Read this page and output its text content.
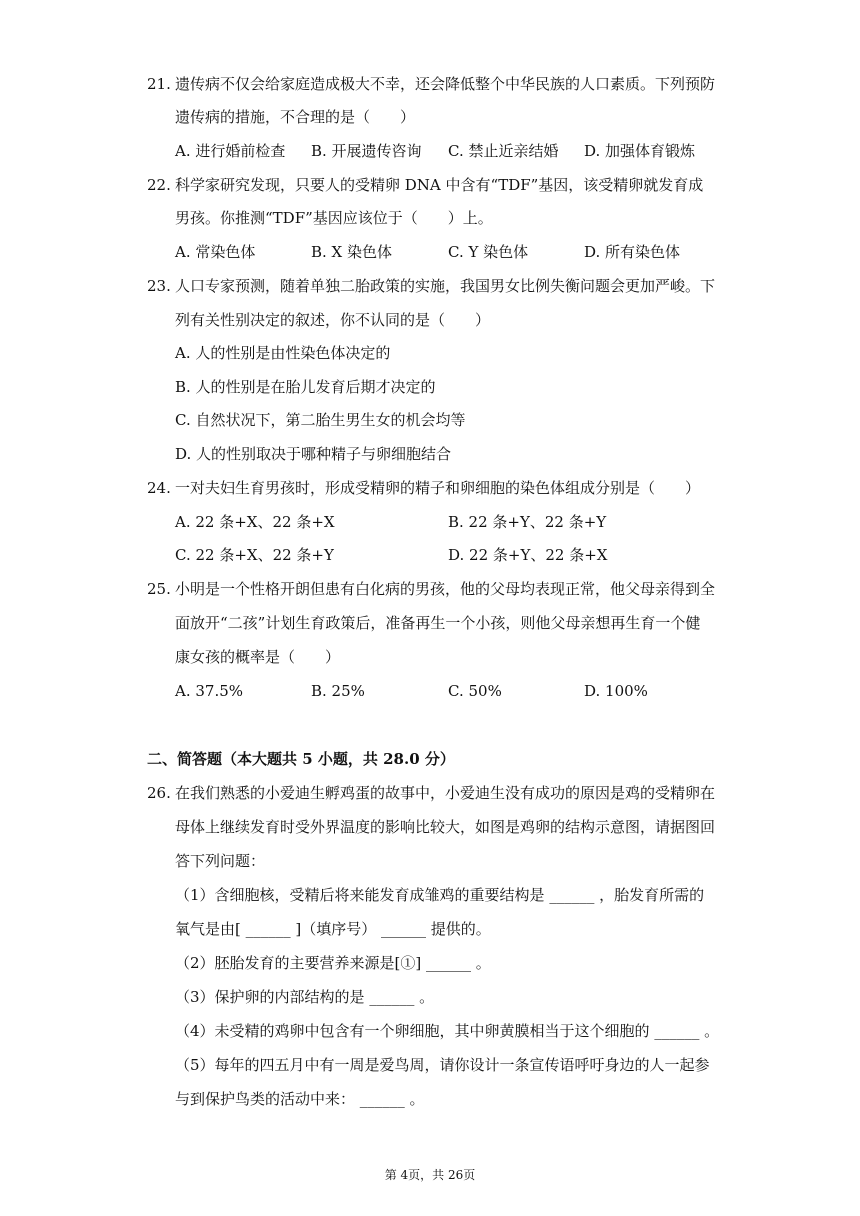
21. 遗传病不仅会给家庭造成极大不幸，还会降低整个中华民族的人口素质。下列预防
遗传病的措施，不合理的是（　　）
A. 进行婚前检查 B. 开展遗传咨询 C. 禁止近亲结婚 D. 加强体育锻炼
22. 科学家研究发现，只要人的受精卵 DNA 中含有“TDF”基因，该受精卵就发育成
男孩。你推测“TDF”基因应该位于（　　）上。
A. 常染色体	B. X 染色体	C. Y 染色体	D. 所有染色体
23. 人口专家预测，随着单独二胎政策的实施，我国男女比例失衡问题会更加严峻。下
列有关性别决定的叙述，你不认同的是（　　）
A. 人的性别是由性染色体决定的
B. 人的性别是在胎儿发育后期才决定的
C. 自然状况下，第二胎生男生女的机会均等
D. 人的性别取决于哪种精子与卵细胞结合
24. 一对夫妇生育男孩时，形成受精卵的精子和卵细胞的染色体组成分别是（　　）
A. 22 条+X、22 条+X	B. 22 条+Y、22 条+Y
C. 22 条+X、22 条+Y	D. 22 条+Y、22 条+X
25. 小明是一个性格开朗但患有白化病的男孩，他的父母均表现正常，他父母亲得到全
面放开“二孩”计划生育政策后，准备再生一个小孩，则他父母亲想再生育一个健
康女孩的概率是（　　）
A. 37.5%	B. 25%	C. 50%	D. 100%
二、简答题（本大题共 5 小题，共 28.0 分）
26. 在我们熟悉的小爱迪生孵鸡蛋的故事中，小爱迪生没有成功的原因是鸡的受精卵在
母体上继续发育时受外界温度的影响比较大，如图是鸡卵的结构示意图，请据图回
答下列问题：
（1）含细胞核，受精后将来能发育成雏鸡的重要结构是 ______ ，胎发育所需的
氧气是由[ ______ ]（填序号） ______ 提供的。
（2）胚胎发育的主要营养来源是[①] ______ 。
（3）保护卵的内部结构的是 ______ 。
（4）未受精的鸡卵中包含有一个卵细胞，其中卵黄膜相当于这个细胞的 ______ 。
（5）每年的四五月中有一周是爱鸟周，请你设计一条宣传语呼吁身边的人一起参
与到保护鸟类的活动中来： ______ 。
第 4页，共 26页
